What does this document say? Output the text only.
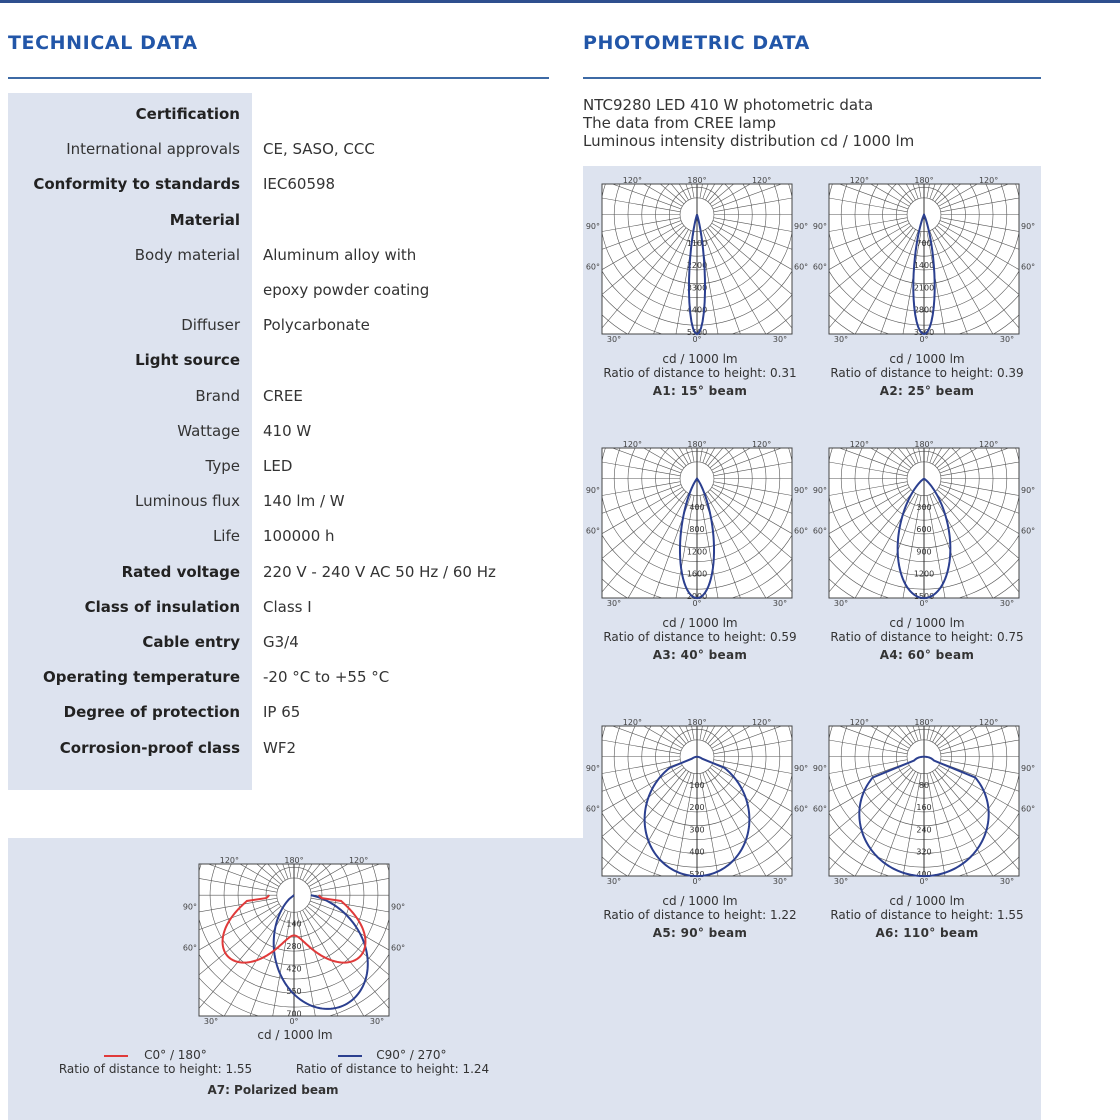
TECHNICAL DATA	PHOTOMETRIC DATA
Certification
International approvals CE, SASO, CCC
Conformity to standards IEC60598
Material
Body material Aluminum alloy with
epoxy powder coating
Diffuser Polycarbonate
Light source
Brand CREE
Wattage 410 W
Type LED
Luminous flux 140 lm / W
Life 100000 h
Rated voltage 220 V - 240 V AC 50 Hz / 60 Hz
Class of insulation Class I
Cable entry G3/4
Operating temperature -20 °C to +55 °C
Degree of protection IP 65
Corrosion-proof class WF2
NTC9280 LED 410 W photometric data
The data from CREE lamp
Luminous intensity distribution cd / 1000 lm
1100
2200
3300
4400
5500
180°
120°	120°
90°	90°
60°	60°
30°	30°
0°
cd / 1000 lm
Ratio of distance to height: 0.31
A1: 15° beam
700
1400
2100
2800
3500
180°
120°	120°
90°	90°
60°	60°
30°	30°
0°
cd / 1000 lm
Ratio of distance to height: 0.39
A2: 25° beam
400
800
1200
1600
2000
180°
120°	120°
90°	90°
60°	60°
30°	30°
0°
cd / 1000 lm
Ratio of distance to height: 0.59
A3: 40° beam
300
600
900
1200
1500
180°
120°	120°
90°	90°
60°	60°
30°	30°
0°
cd / 1000 lm
Ratio of distance to height: 0.75
A4: 60° beam
100
200
300
400
520
180°
120°	120°
90°	90°
60°	60°
30°	30°
0°
cd / 1000 lm
Ratio of distance to height: 1.22
A5: 90° beam
80
160
240
320
400
180°
120°	120°
90°	90°
60°	60°
30°	30°
0°
cd / 1000 lm
Ratio of distance to height: 1.55
A6: 110° beam
140
280
420
550
700
180°
120°	120°
90°	90°
60°	60°
30°	30°
0°
cd / 1000 lm
C0° / 180°
Ratio of distance to height: 1.55
C90° / 270°
Ratio of distance to height: 1.24
A7: Polarized beam
